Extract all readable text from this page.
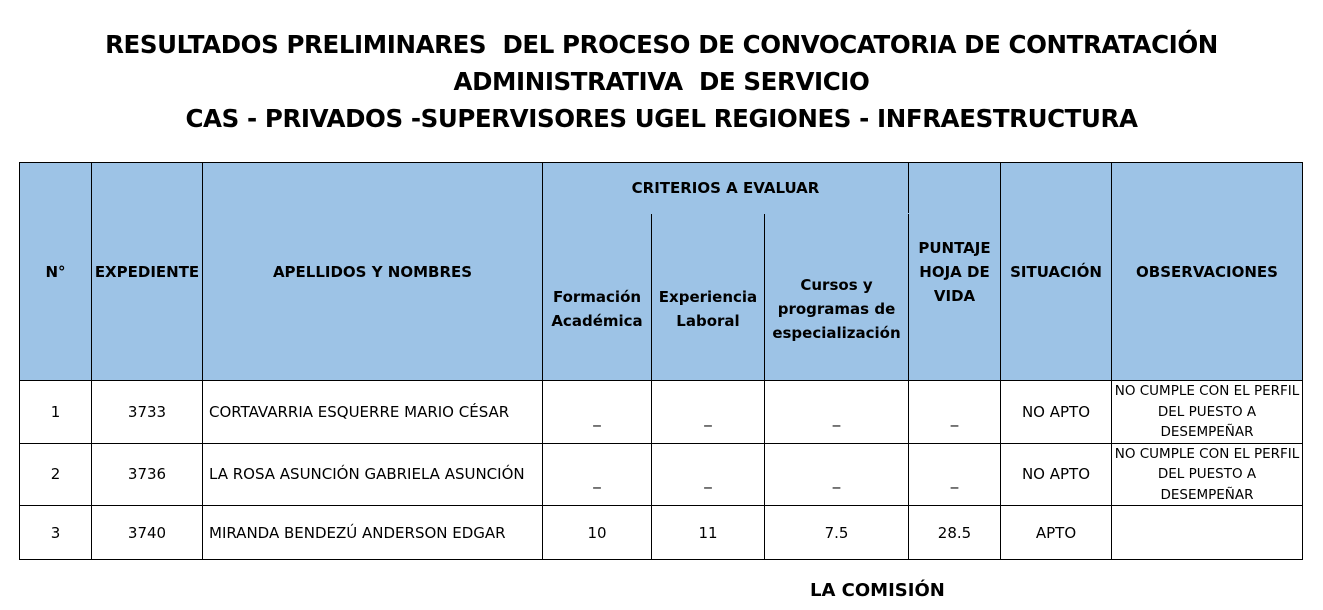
RESULTADOS PRELIMINARES  DEL PROCESO DE CONVOCATORIA DE CONTRATACIÓN
ADMINISTRATIVA  DE SERVICIO
CAS - PRIVADOS -SUPERVISORES UGEL REGIONES - INFRAESTRUCTURA
N°	EXPEDIENTE	APELLIDOS Y NOMBRES	CRITERIOS A EVALUAR			PUNTAJE HOJA DE VIDA	SITUACIÓN	OBSERVACIONES
			Formación Académica	Experiencia Laboral	Cursos y programas de especialización			
1	3733	CORTAVARRIA ESQUERRE MARIO CÉSAR	_	_	_	_	NO APTO	NO CUMPLE CON EL PERFIL DEL PUESTO A DESEMPEÑAR
2	3736	LA ROSA ASUNCIÓN GABRIELA ASUNCIÓN	_	_	_	_	NO APTO	NO CUMPLE CON EL PERFIL DEL PUESTO A DESEMPEÑAR
3	3740	MIRANDA BENDEZÚ ANDERSON EDGAR	10	11	7.5	28.5	APTO	
LA COMISIÓN
